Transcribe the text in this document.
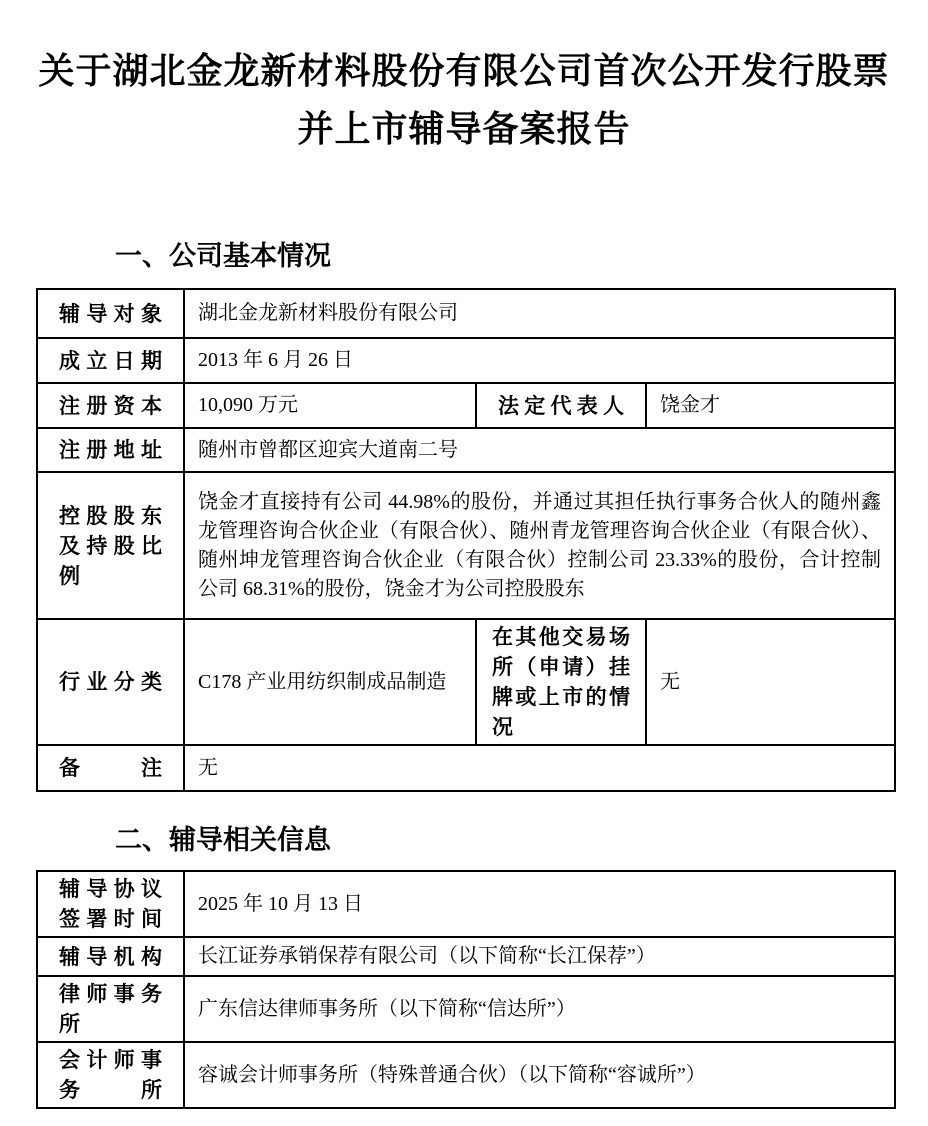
关于湖北金龙新材料股份有限公司首次公开发行股票
并上市辅导备案报告
一、公司基本情况
辅导对象	湖北金龙新材料股份有限公司		
成立日期	2013 年 6 月 26 日		
注册资本	10,090 万元	法定代表人	饶金才
注册地址	随州市曾都区迎宾大道南二号		
控股股东及持股比例	饶金才直接持有公司 44.98%的股份，并通过其担任执行事务合伙人的随州鑫龙管理咨询合伙企业（有限合伙）、随州青龙管理咨询合伙企业（有限合伙）、随州坤龙管理咨询合伙企业（有限合伙）控制公司 23.33%的股份，合计控制公司 68.31%的股份，饶金才为公司控股股东		
行业分类	C178 产业用纺织制成品制造	在其他交易场所（申请）挂牌或上市的情况	无
备注	无		
二、辅导相关信息
辅导协议签署时间	2025 年 10 月 13 日
辅导机构	长江证券承销保荐有限公司（以下简称“长江保荐”）
律师事务所	广东信达律师事务所（以下简称“信达所”）
会计师事务所	容诚会计师事务所（特殊普通合伙）（以下简称“容诚所”）
